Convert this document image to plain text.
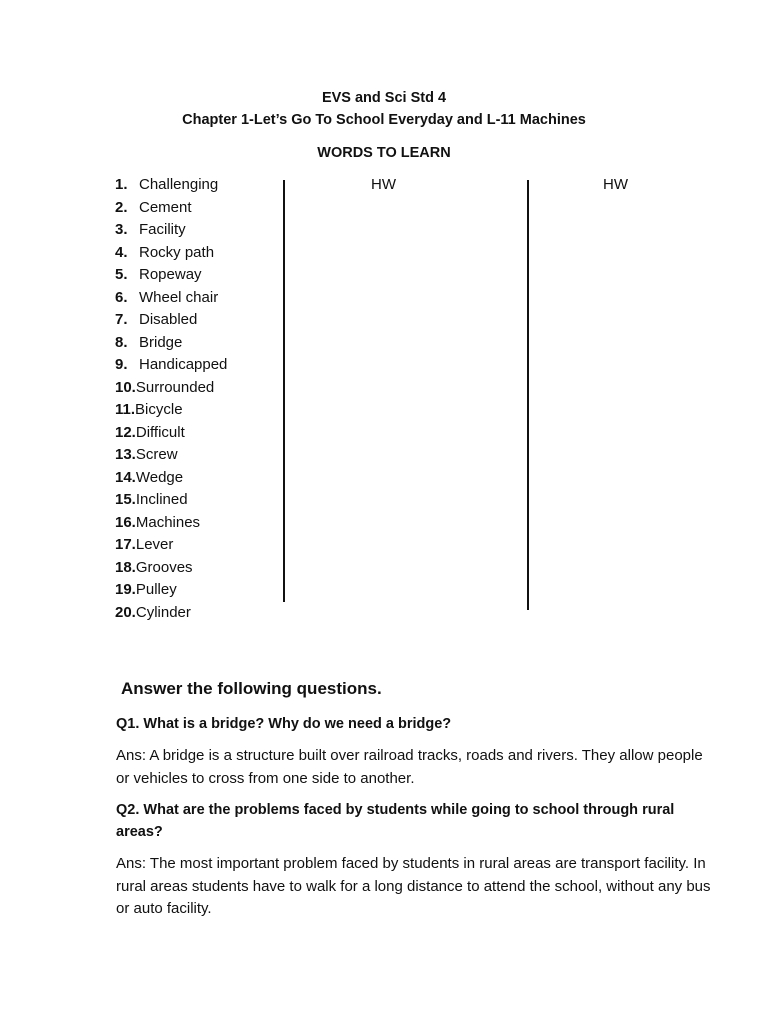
EVS and Sci Std 4
Chapter 1-Let’s Go To School Everyday and L-11 Machines
WORDS TO LEARN
1. Challenging
2. Cement
3. Facility
4. Rocky path
5. Ropeway
6. Wheel chair
7. Disabled
8. Bridge
9. Handicapped
10.Surrounded
11.Bicycle
12.Difficult
13.Screw
14.Wedge
15.Inclined
16.Machines
17.Lever
18.Grooves
19.Pulley
20.Cylinder
HW	HW
Answer the following questions.
Q1. What is a bridge? Why do we need a bridge?
Ans: A bridge is a structure built over railroad tracks, roads and rivers. They allow people or vehicles to cross from one side to another.
Q2. What are the problems faced by students while going to school through rural areas?
Ans: The most important problem faced by students in rural areas are transport facility. In rural areas students have to walk for a long distance to attend the school, without any bus or auto facility.
